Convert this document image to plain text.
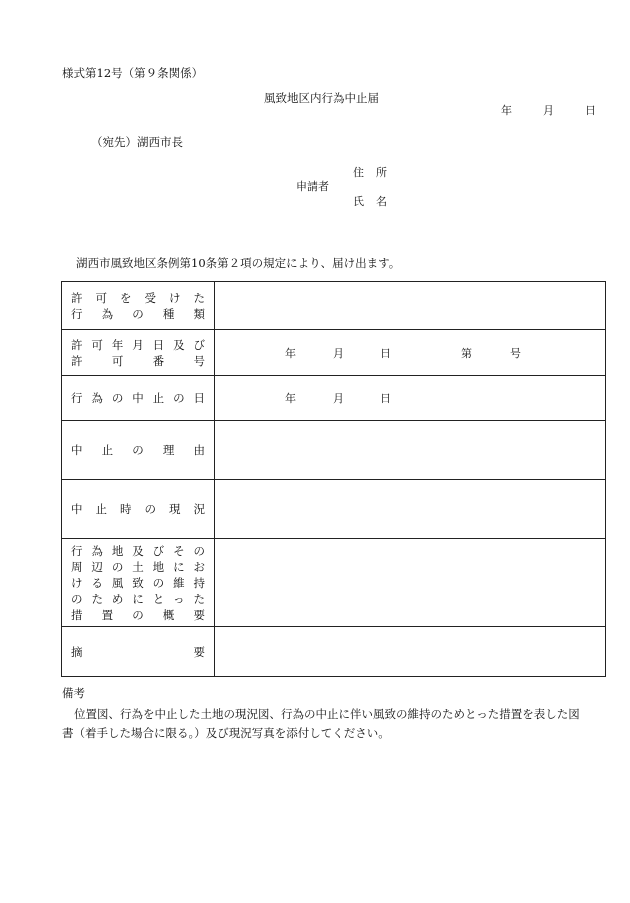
様式第12号（第９条関係）
風致地区内行為中止届
年	月	日
（宛先）湖西市長
住所
申請者
氏名
湖西市風致地区条例第10条第２項の規定により、届け出ます。
許可を受けた
行為の種類	

許可年月日及び
許可番号	年 月 日 第 号

行為の中止の日	年 月 日

中止の理由	

中止時の現況	

行為地及びその
周辺の土地にお
ける風致の維持
のためにとった
措置の概要	

摘要	

備考
位置図、行為を中止した土地の現況図、行為の中止に伴い風致の維持のためとった措置を表した図書（着手した場合に限る。）及び現況写真を添付してください。
